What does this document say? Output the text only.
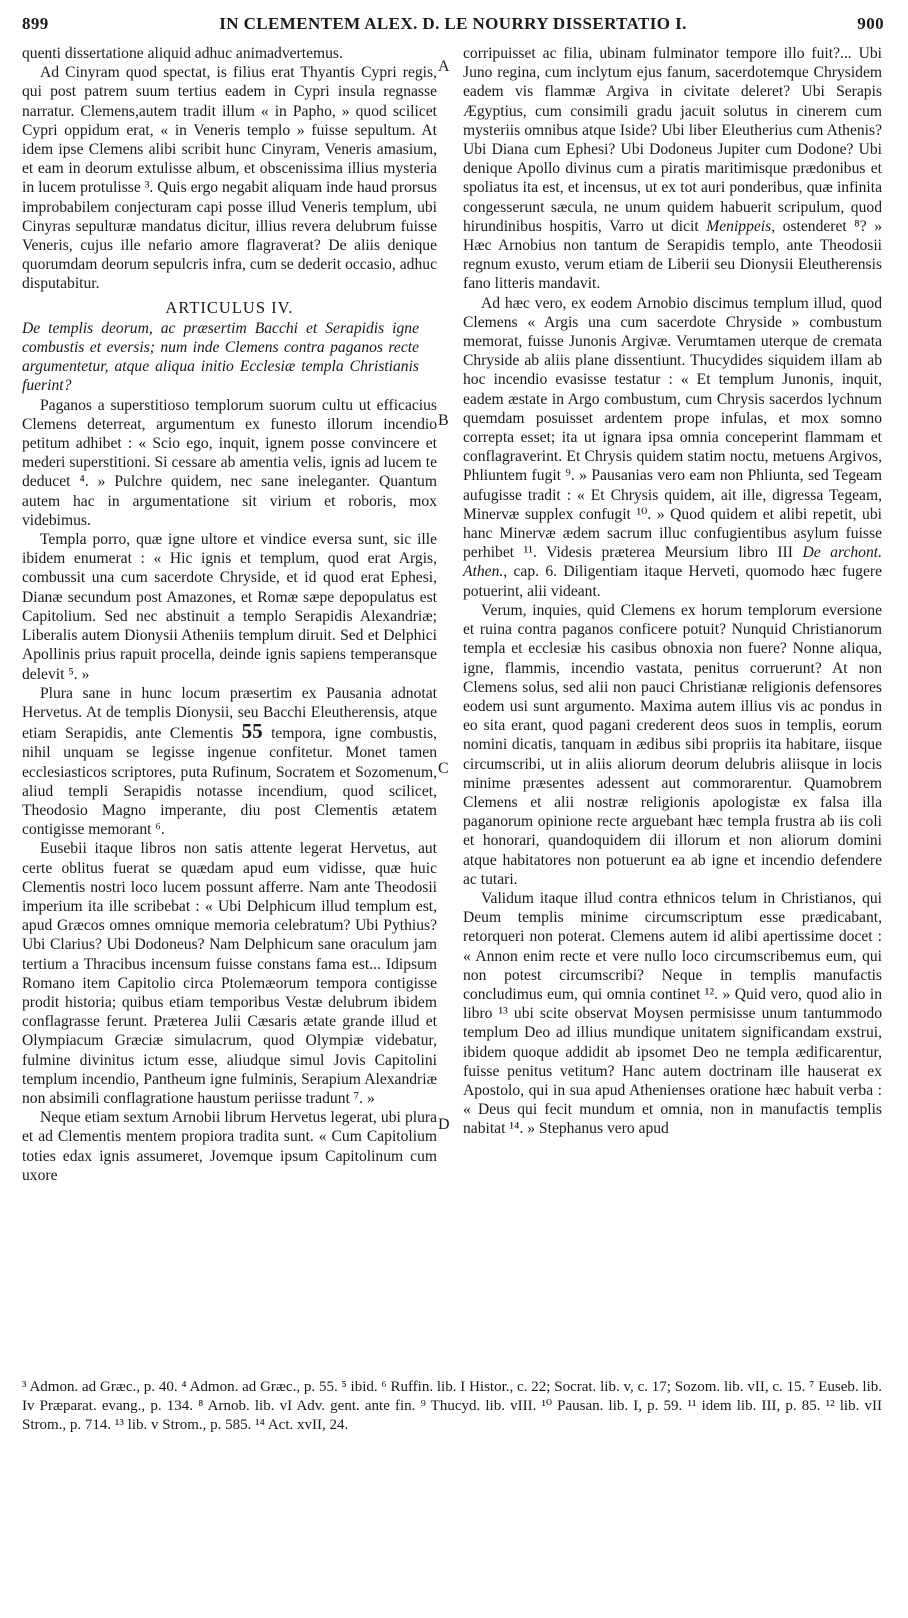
899	IN CLEMENTEM ALEX. D. LE NOURRY DISSERTATIO I.	900
A
B
C
D

quenti dissertatione aliquid adhuc animadvertemus.

Ad Cinyram quod spectat, is filius erat Thyantis Cypri regis, qui post patrem suum tertius eadem in Cypri insula regnasse narratur. Clemens,autem tradit illum « in Papho, » quod scilicet Cypri oppidum erat, « in Veneris templo » fuisse sepultum. At idem ipse Clemens alibi scribit hunc Cinyram, Veneris amasium, et eam in deorum extulisse album, et obscenissima illius mysteria in lucem protulisse ³. Quis ergo negabit aliquam inde haud prorsus improbabilem conjecturam capi posse illud Veneris templum, ubi Cinyras sepulturæ mandatus dicitur, illius revera delubrum fuisse Veneris, cujus ille nefario amore flagraverat? De aliis denique quorumdam deorum sepulcris infra, cum se dederit occasio, adhuc disputabitur.

ARTICULUS IV.

De templis deorum, ac præsertim Bacchi et Serapidis igne combustis et eversis; num inde Clemens contra paganos recte argumentetur, atque aliqua initio Ecclesiæ templa Christianis fuerint?

Paganos a superstitioso templorum suorum cultu ut efficacius Clemens deterreat, argumentum ex funesto illorum incendio petitum adhibet : « Scio ego, inquit, ignem posse convincere et mederi superstitioni. Si cessare ab amentia velis, ignis ad lucem te deducet ⁴. » Pulchre quidem, nec sane ineleganter. Quantum autem hac in argumentatione sit virium et roboris, mox videbimus.

Templa porro, quæ igne ultore et vindice eversa sunt, sic ille ibidem enumerat : « Hic ignis et templum, quod erat Argis, combussit una cum sacerdote Chryside, et id quod erat Ephesi, Dianæ secundum post Amazones, et Romæ sæpe depopulatus est Capitolium. Sed nec abstinuit a templo Serapidis Alexandriæ; Liberalis autem Dionysii Atheniis templum diruit. Sed et Delphici Apollinis prius rapuit procella, deinde ignis sapiens temperansque delevit ⁵. »

Plura sane in hunc locum præsertim ex Pausania adnotat Hervetus. At de templis Dionysii, seu Bacchi Eleutherensis, atque etiam Serapidis, ante Clementis 55 tempora, igne combustis, nihil unquam se legisse ingenue confitetur. Monet tamen ecclesiasticos scriptores, puta Rufinum, Socratem et Sozomenum, aliud templi Serapidis notasse incendium, quod scilicet, Theodosio Magno imperante, diu post Clementis ætatem contigisse memorant ⁶.

Eusebii itaque libros non satis attente legerat Hervetus, aut certe oblitus fuerat se quædam apud eum vidisse, quæ huic Clementis nostri loco lucem possunt afferre. Nam ante Theodosii imperium ita ille scribebat : « Ubi Delphicum illud templum est, apud Græcos omnes omnique memoria celebratum? Ubi Pythius? Ubi Clarius? Ubi Dodoneus? Nam Delphicum sane oraculum jam tertium a Thracibus incensum fuisse constans fama est... Idipsum Romano item Capitolio circa Ptolemæorum tempora contigisse prodit historia; quibus etiam temporibus Vestæ delubrum ibidem conflagrasse ferunt. Præterea Julii Cæsaris ætate grande illud et Olympiacum Græciæ simulacrum, quod Olympiæ videbatur, fulmine divinitus ictum esse, aliudque simul Jovis Capitolini templum incendio, Pantheum igne fulminis, Serapium Alexandriæ non absimili conflagratione haustum periisse tradunt ⁷. »

Neque etiam sextum Arnobii librum Hervetus legerat, ubi plura et ad Clementis mentem propiora tradita sunt. « Cum Capitolium toties edax ignis assumeret, Jovemque ipsum Capitolinum cum uxore

corripuisset ac filia, ubinam fulminator tempore illo fuit?... Ubi Juno regina, cum inclytum ejus fanum, sacerdotemque Chrysidem eadem vis flammæ Argiva in civitate deleret? Ubi Serapis Ægyptius, cum consimili gradu jacuit solutus in cinerem cum mysteriis omnibus atque Iside? Ubi liber Eleutherius cum Athenis? Ubi Diana cum Ephesi? Ubi Dodoneus Jupiter cum Dodone? Ubi denique Apollo divinus cum a piratis maritimisque prædonibus et spoliatus ita est, et incensus, ut ex tot auri ponderibus, quæ infinita congesserunt sæcula, ne unum quidem habuerit scripulum, quod hirundinibus hospitis, Varro ut dicit Menippeis, ostenderet ⁸? » Hæc Arnobius non tantum de Serapidis templo, ante Theodosii regnum exusto, verum etiam de Liberii seu Dionysii Eleutherensis fano litteris mandavit.

Ad hæc vero, ex eodem Arnobio discimus templum illud, quod Clemens « Argis una cum sacerdote Chryside » combustum memorat, fuisse Junonis Argivæ. Verumtamen uterque de cremata Chryside ab aliis plane dissentiunt. Thucydides siquidem illam ab hoc incendio evasisse testatur : « Et templum Junonis, inquit, eadem æstate in Argo combustum, cum Chrysis sacerdos lychnum quemdam posuisset ardentem prope infulas, et mox somno correpta esset; ita ut ignara ipsa omnia conceperint flammam et conflagraverint. Et Chrysis quidem statim noctu, metuens Argivos, Phliuntem fugit ⁹. » Pausanias vero eam non Phliunta, sed Tegeam aufugisse tradit : « Et Chrysis quidem, ait ille, digressa Tegeam, Minervæ supplex confugit ¹⁰. » Quod quidem et alibi repetit, ubi hanc Minervæ ædem sacrum illuc confugientibus asylum fuisse perhibet ¹¹. Videsis præterea Meursium libro III De archont. Athen., cap. 6. Diligentiam itaque Herveti, quomodo hæc fugere potuerint, alii videant.

Verum, inquies, quid Clemens ex horum templorum eversione et ruina contra paganos conficere potuit? Nunquid Christianorum templa et ecclesiæ his casibus obnoxia non fuere? Nonne aliqua, igne, flammis, incendio vastata, penitus corruerunt? At non Clemens solus, sed alii non pauci Christianæ religionis defensores eodem usi sunt argumento. Maxima autem illius vis ac pondus in eo sita erant, quod pagani crederent deos suos in templis, eorum nomini dicatis, tanquam in ædibus sibi propriis ita habitare, iisque circumscribi, ut in aliis aliorum deorum delubris aliisque in locis minime præsentes adessent aut commorarentur. Quamobrem Clemens et alii nostræ religionis apologistæ ex falsa illa paganorum opinione recte arguebant hæc templa frustra ab iis coli et honorari, quandoquidem dii illorum et non aliorum domini atque habitatores non potuerunt ea ab igne et incendio defendere ac tutari.

Validum itaque illud contra ethnicos telum in Christianos, qui Deum templis minime circumscriptum esse prædicabant, retorqueri non poterat. Clemens autem id alibi apertissime docet : « Annon enim recte et vere nullo loco circumscribemus eum, qui non potest circumscribi? Neque in templis manufactis concludimus eum, qui omnia continet ¹². » Quid vero, quod alio in libro ¹³ ubi scite observat Moysen permisisse unum tantummodo templum Deo ad illius mundique unitatem significandam exstrui, ibidem quoque addidit ab ipsomet Deo ne templa ædificarentur, fuisse penitus vetitum? Hanc autem doctrinam ille hauserat ex Apostolo, qui in sua apud Athenienses oratione hæc habuit verba : « Deus qui fecit mundum et omnia, non in manufactis templis nabitat ¹⁴. » Stephanus vero apud

³ Admon. ad Græc., p. 40. ⁴ Admon. ad Græc., p. 55. ⁵ ibid. ⁶ Ruffin. lib. I Histor., c. 22; Socrat. lib. v, c. 17; Sozom. lib. vII, c. 15. ⁷ Euseb. lib. Iv Præparat. evang., p. 134. ⁸ Arnob. lib. vI Adv. gent. ante fin. ⁹ Thucyd. lib. vIII. ¹⁰ Pausan. lib. I, p. 59. ¹¹ idem lib. III, p. 85. ¹² lib. vII Strom., p. 714. ¹³ lib. v Strom., p. 585. ¹⁴ Act. xvII, 24.
